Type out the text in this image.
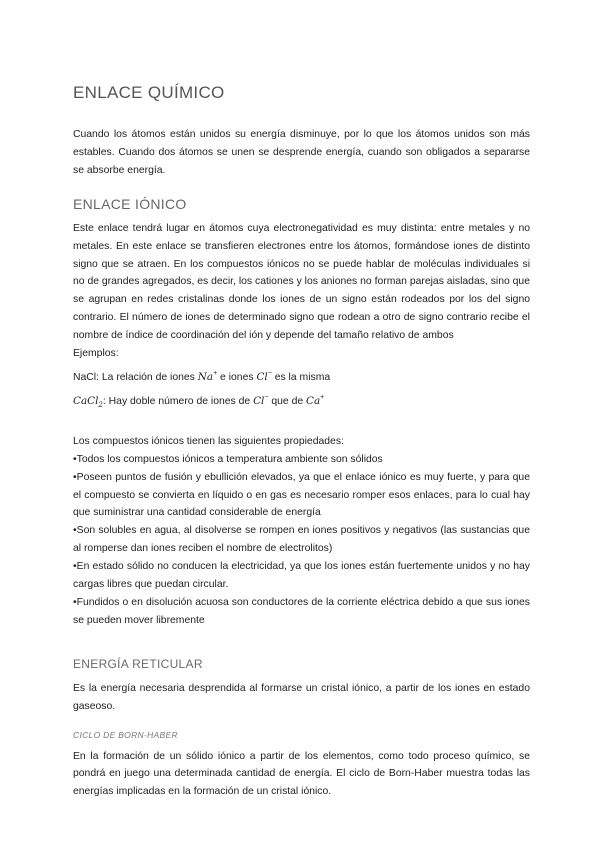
ENLACE QUÍMICO

Cuando los átomos están unidos su energía disminuye, por lo que los átomos unidos son más estables. Cuando dos átomos se unen se desprende energía, cuando son obligados a separarse se absorbe energía.

ENLACE IÓNICO

Este enlace tendrá lugar en átomos cuya electronegatividad es muy distinta: entre metales y no metales. En este enlace se transfieren electrones entre los átomos, formándose iones de distinto signo que se atraen. En los compuestos iónicos no se puede hablar de moléculas individuales si no de grandes agregados, es decir, los cationes y los aniones no forman parejas aisladas, sino que se agrupan en redes cristalinas donde los iones de un signo están rodeados por los del signo contrario. El número de iones de determinado signo que rodean a otro de signo contrario recibe el nombre de índice de coordinación del ión y depende del tamaño relativo de ambos

Ejemplos:
NaCl: La relación de iones Na+ e iones Cl− es la misma
CaCl$_2$: Hay doble número de iones de Cl− que de Ca+
Los compuestos iónicos tienen las siguientes propiedades:

•Todos los compuestos iónicos a temperatura ambiente son sólidos

•Poseen puntos de fusión y ebullición elevados, ya que el enlace iónico es muy fuerte, y para que el compuesto se convierta en líquido o en gas es necesario romper esos enlaces, para lo cual hay que suministrar una cantidad considerable de energía

•Son solubles en agua, al disolverse se rompen en iones positivos y negativos (las sustancias que al romperse dan iones reciben el nombre de electrolitos)

•En estado sólido no conducen la electricidad, ya que los iones están fuertemente unidos y no hay cargas libres que puedan circular.

•Fundidos o en disolución acuosa son conductores de la corriente eléctrica debido a que sus iones se pueden mover libremente

ENERGÍA RETICULAR

Es la energía necesaria desprendida al formarse un cristal iónico, a partir de los iones en estado gaseoso.

CICLO DE BORN-HABER

En la formación de un sólido iónico a partir de los elementos, como todo proceso químico, se pondrá en juego una determinada cantidad de energía. El ciclo de Born-Haber muestra todas las energías implicadas en la formación de un cristal iónico.
